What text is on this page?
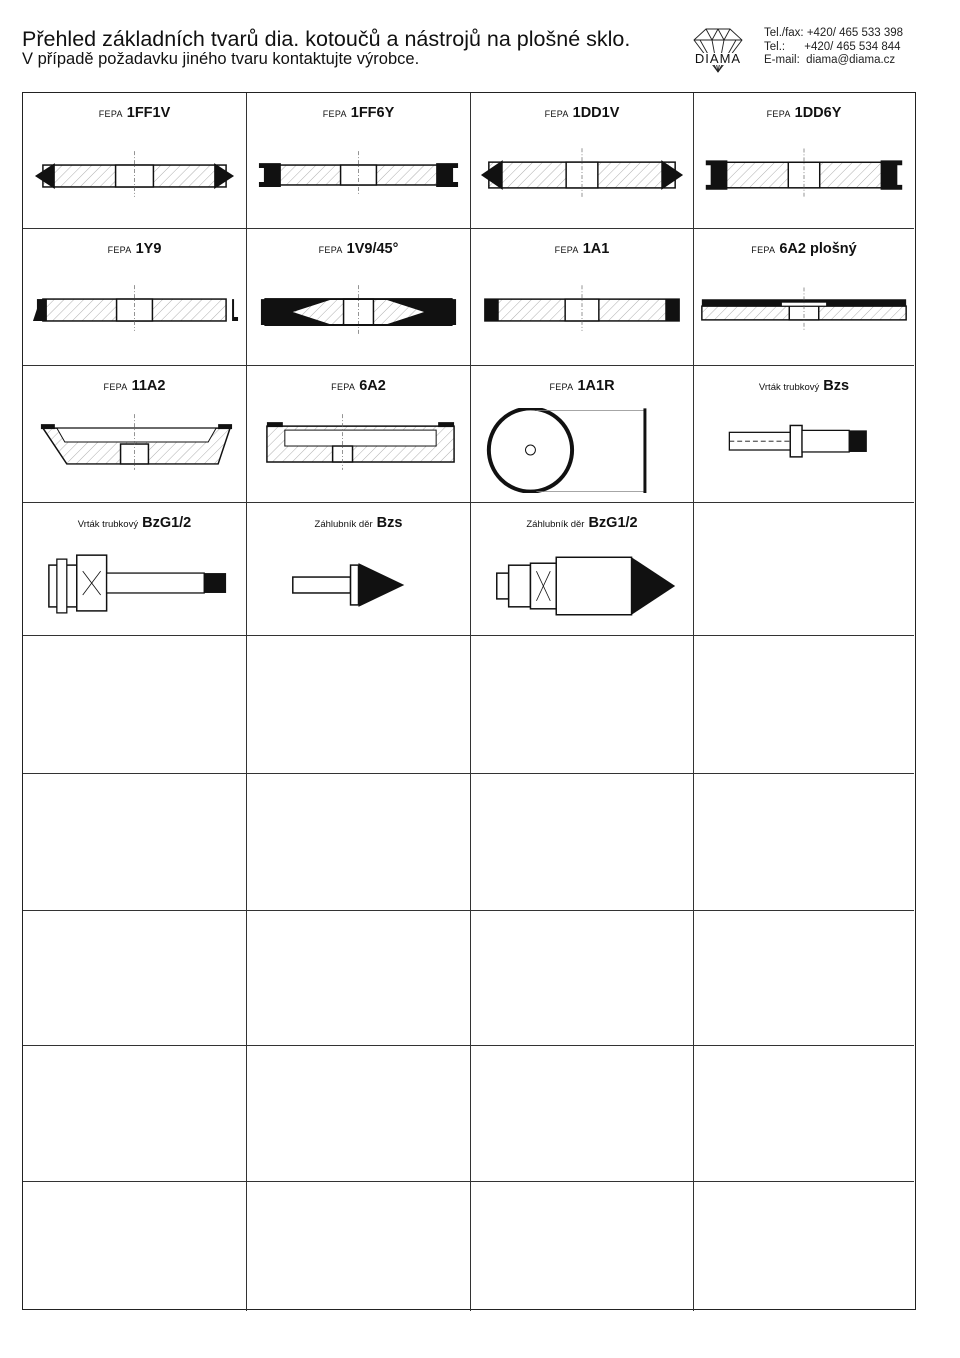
Přehled základních tvarů dia. kotoučů a nástrojů na plošné sklo.
V případě požadavku jiného tvaru kontaktujte výrobce.	DIAMA
Tel./fax: +420/ 465 533 398
Tel.:      +420/ 465 534 844
E-mail:  diama@diama.cz
FEPA 1FF1V	FEPA 1FF6Y	FEPA 1DD1V	FEPA 1DD6Y
FEPA 1Y9	FEPA 1V9/45°	FEPA 1A1	FEPA 6A2 plošný
FEPA 11A2	FEPA 6A2	FEPA 1A1R	Vrták trubkový Bzs
Vrták trubkový BzG1/2	Záhlubník děr Bzs	Záhlubník děr BzG1/2
